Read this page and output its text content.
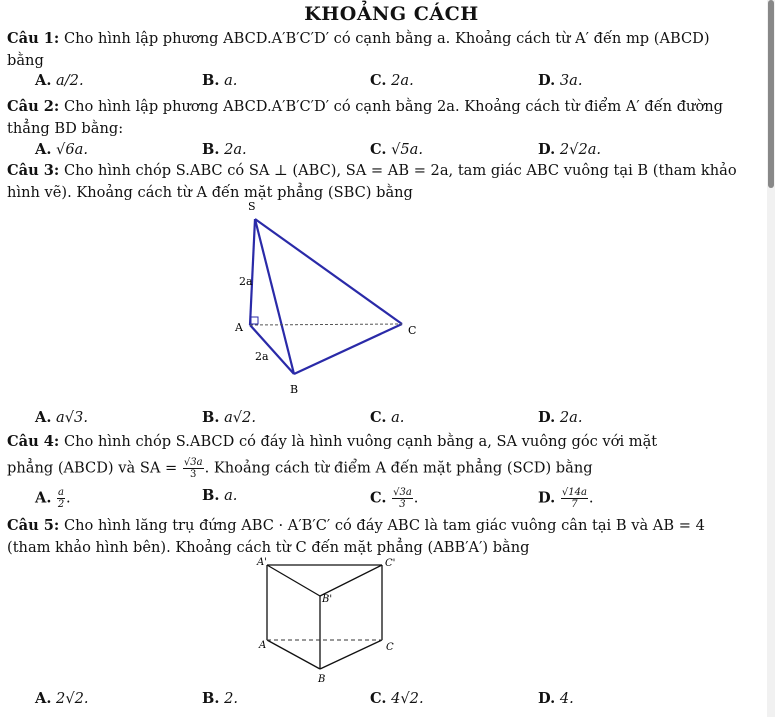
KHOẢNG CÁCH
Câu 1: Cho hình lập phương ABCD.A′B′C′D′ có cạnh bằng a. Khoảng cách từ A′ đến mp (ABCD) bằng
A. a/2.	B. a.	C. 2a.	D. 3a.
Câu 2: Cho hình lập phương ABCD.A′B′C′D′ có cạnh bằng 2a. Khoảng cách từ điểm A′ đến đường thẳng BD bằng:
A. √6a.	B. 2a.	C. √5a.	D. 2√2a.
Câu 3: Cho hình chóp S.ABC có SA ⊥ (ABC), SA = AB = 2a, tam giác ABC vuông tại B (tham khảo hình vẽ). Khoảng cách từ A đến mặt phẳng (SBC) bằng
S
2a
A	C
2a
B
A. a√3.	B. a√2.	C. a.	D. 2a.
Câu 4: Cho hình chóp S.ABCD có đáy là hình vuông cạnh bằng a, SA vuông góc với mặt
phẳng (ABCD) và SA = $\frac{√3a}{3}$ . Khoảng cách từ điểm A đến mặt phẳng (SCD) bằng
A. $\frac{a}{2}$ .	B. a.	C. $\frac{√3a}{3}$ .	D. $\frac{√14a}{7}$ .
Câu 5: Cho hình lăng trụ đứng ABC · A′B′C′ có đáy ABC là tam giác vuông cân tại B và AB = 4 (tham khảo hình bên). Khoảng cách từ C đến mặt phẳng (ABB′A′) bằng
A'	C'
B'
A	C
B
A. 2√2.	B. 2.	C. 4√2.	D. 4.
